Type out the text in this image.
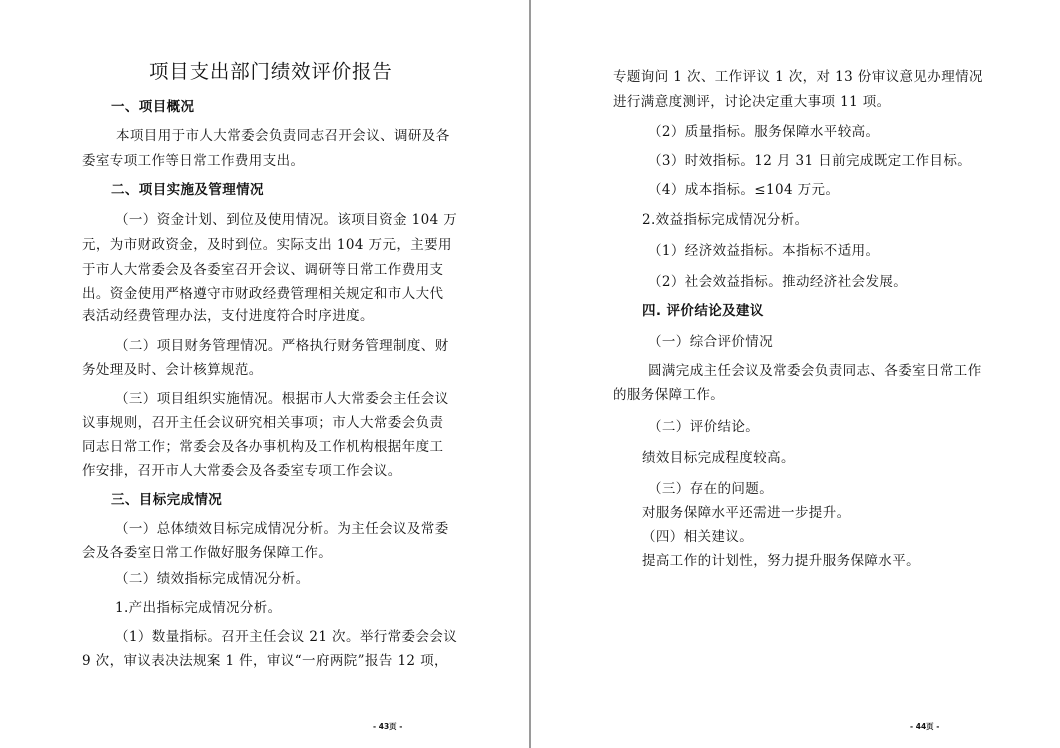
项目支出部门绩效评价报告
一、项目概况
本项目用于市人大常委会负责同志召开会议、调研及各
委室专项工作等日常工作费用支出。
二、项目实施及管理情况
（一）资金计划、到位及使用情况。该项目资金 104 万
元，为市财政资金，及时到位。实际支出 104 万元，主要用
于市人大常委会及各委室召开会议、调研等日常工作费用支
出。资金使用严格遵守市财政经费管理相关规定和市人大代
表活动经费管理办法，支付进度符合时序进度。
（二）项目财务管理情况。严格执行财务管理制度、财
务处理及时、会计核算规范。
（三）项目组织实施情况。根据市人大常委会主任会议
议事规则，召开主任会议研究相关事项；市人大常委会负责
同志日常工作；常委会及各办事机构及工作机构根据年度工
作安排，召开市人大常委会及各委室专项工作会议。
三、目标完成情况
（一）总体绩效目标完成情况分析。为主任会议及常委
会及各委室日常工作做好服务保障工作。
（二）绩效指标完成情况分析。
1.产出指标完成情况分析。
（1）数量指标。召开主任会议 21 次。举行常委会会议
9 次，审议表决法规案 1 件，审议“一府两院”报告 12 项，
- 43页 -
专题询问 1 次、工作评议 1 次，对 13 份审议意见办理情况
进行满意度测评，讨论决定重大事项 11 项。
（2）质量指标。服务保障水平较高。
（3）时效指标。12 月 31 日前完成既定工作目标。
（4）成本指标。≤104 万元。
2.效益指标完成情况分析。
（1）经济效益指标。本指标不适用。
（2）社会效益指标。推动经济社会发展。
四. 评价结论及建议
（一）综合评价情况
圆满完成主任会议及常委会负责同志、各委室日常工作
的服务保障工作。
（二）评价结论。
绩效目标完成程度较高。
（三）存在的问题。
对服务保障水平还需进一步提升。
（四）相关建议。
提高工作的计划性，努力提升服务保障水平。
- 44页 -
